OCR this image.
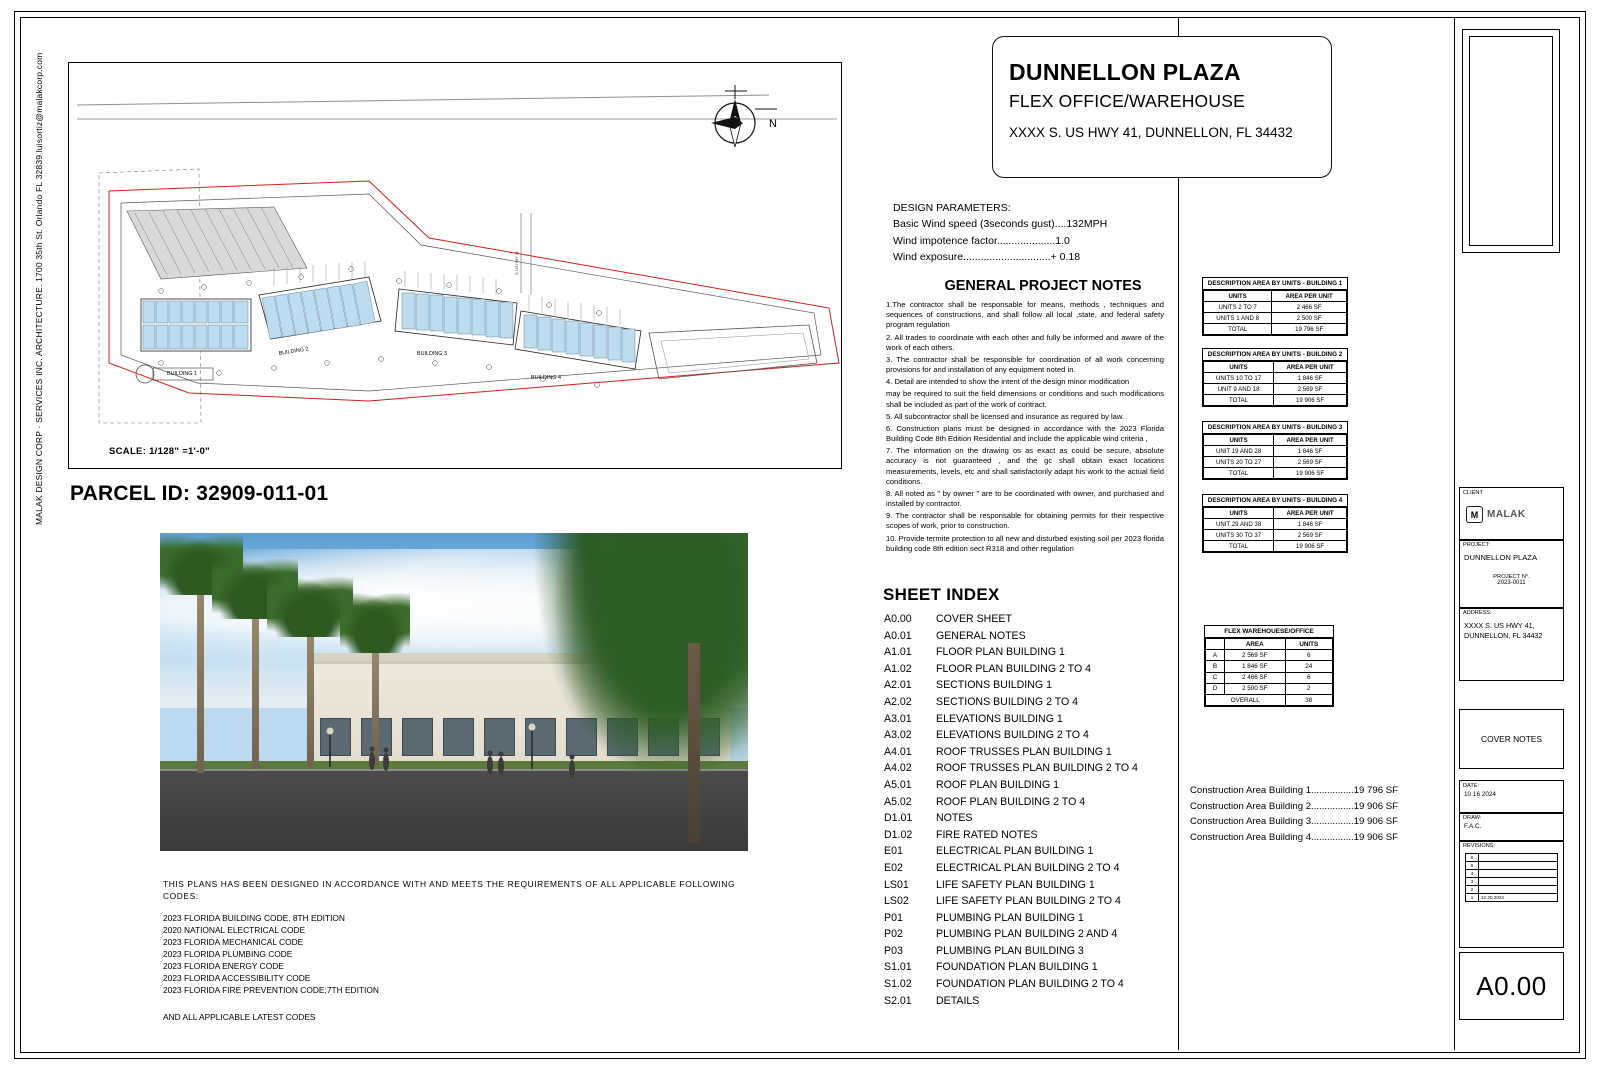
MALAK DESIGN CORP · SERVICES INC. ARCHITECTURE. 1700 35th St. Orlando FL 32839 luisortiz@malakcorp.com	BUILDING 1
BUILDING 2	BUILDING 3
BUILDING 4
S. US HWY 41
SCALE: 1/128" =1'-0"
N
PARCEL ID: 32909-011-01
THIS PLANS HAS BEEN DESIGNED IN ACCORDANCE WITH AND MEETS THE REQUIREMENTS OF ALL APPLICABLE FOLLOWING CODES:
2023 FLORIDA BUILDING CODE, 8TH EDITION
2020 NATIONAL ELECTRICAL CODE
2023 FLORIDA MECHANICAL CODE
2023 FLORIDA PLUMBING CODE
2023 FLORIDA ENERGY CODE
2023 FLORIDA ACCESSIBILITY CODE
2023 FLORIDA FIRE PREVENTION CODE;7TH EDITION
AND ALL APPLICABLE LATEST CODES
DUNNELLON PLAZA
FLEX OFFICE/WAREHOUSE
XXXX S. US HWY 41, DUNNELLON, FL 34432
DESIGN PARAMETERS:
Basic Wind speed (3seconds gust)....132MPH
Wind impotence factor....................1.0
Wind exposure..............................+ 0.18
GENERAL PROJECT NOTES

1.The contractor shall be responsable for means, methods , techniques and sequences of constructions, and shall follow all local ,state, and federal safety program regulation

2. All trades to coordinate with each other and fully be informed and aware of the work of each others.

3. The contractor shall be responsible for coordination of all work concerning provisions for and installation of any equipment noted in.

4. Detail are intended to show the intent of the design minor modification

may be required to suit the field dimensions or conditions and such modifications shall be included as part of the work of contract.

5. All subcontractor shall be licensed and insurance as required by law.

6. Construction plans must be designed in accordance with the 2023 Florida Building Code 8th Edition Residential and include the applicable wind criteria ,

7. The information on the drawing os as exact as could be secure, absolute accuracy is not guaranteed , and the gc shall obtain exact locations measurements, levels, etc and shall satisfactorily adapt his work to the actual field conditions.

8. All noted as " by owner " are to be coordinated with owner, and purchased and installed by contractor.

9. The contractor shall be responsable for obtaining permits for their respective scopes of work, prior to construction.

10. Provide termite protection to all new and disturbed existing soil per 2023 florida building code 8th edition sect R318 and other regulation

SHEET INDEX
A0.00	COVER SHEET
A0.01	GENERAL NOTES
A1.01	FLOOR PLAN BUILDING 1
A1.02	FLOOR PLAN BUILDING 2 TO 4
A2.01	SECTIONS BUILDING 1
A2.02	SECTIONS BUILDING 2 TO 4
A3.01	ELEVATIONS BUILDING 1
A3.02	ELEVATIONS BUILDING 2 TO 4
A4.01	ROOF TRUSSES PLAN BUILDING 1
A4.02	ROOF TRUSSES PLAN BUILDING 2 TO 4
A5.01	ROOF PLAN BUILDING 1
A5.02	ROOF PLAN BUILDING 2 TO 4
D1.01	NOTES
D1.02	FIRE RATED NOTES
E01	ELECTRICAL PLAN BUILDING 1
E02	ELECTRICAL PLAN BUILDING 2 TO 4
LS01	LIFE SAFETY PLAN BUILDING 1
LS02	LIFE SAFETY PLAN BUILDING 2 TO 4
P01	PLUMBING PLAN BUILDING 1
P02	PLUMBING PLAN BUILDING 2 AND 4
P03	PLUMBING PLAN BUILDING 3
S1.01	FOUNDATION PLAN BUILDING 1
S1.02	FOUNDATION PLAN BUILDING 2 TO 4
S2.01	DETAILS
DESCRIPTION AREA BY UNITS - BUILDING 1
UNITS	AREA PER UNIT
UNITS 2 TO 7	2 466 SF
UNITS 1 AND 8	2 500 SF
TOTAL	19 796 SF
DESCRIPTION AREA BY UNITS - BUILDING 2
UNITS	AREA PER UNIT
UNITS 10 TO 17	1 846 SF
UNIT 9 AND 18	2 569 SF
TOTAL	19 906 SF
DESCRIPTION AREA BY UNITS - BUILDING 3
UNITS	AREA PER UNIT
UNIT 19 AND 28	1 846 SF
UNITS 20 TO 27	2 569 SF
TOTAL	19 906 SF
DESCRIPTION AREA BY UNITS - BUILDING 4
UNITS	AREA PER UNIT
UNIT 29 AND 38	1 846 SF
UNITS 30 TO 37	2 569 SF
TOTAL	19 906 SF
FLEX WAREHOUESE/OFFICE
	AREA	UNITS
A	2 569 SF	6
B	1 846 SF	24
C	2 466 SF	6
D	2 500 SF	2
OVERALL		38
Construction Area Building 1................19 796 SF
Construction Area Building 2................19 906 SF
Construction Area Building 3................19 906 SF
Construction Area Building 4................19 906 SF
CLIENT
M MALAK
PROJECT:
DUNNELLON PLAZA
PROJECT N°.
2023-0011
ADDRESS:
XXXX S. US HWY 41, DUNNELLON, FL 34432
COVER NOTES
DATE:
10 16 2024
DRAW:
F.A.C.
REVISIONS:
6	
5	
4	
3	
2	
1	12 20 2024
A0.00
